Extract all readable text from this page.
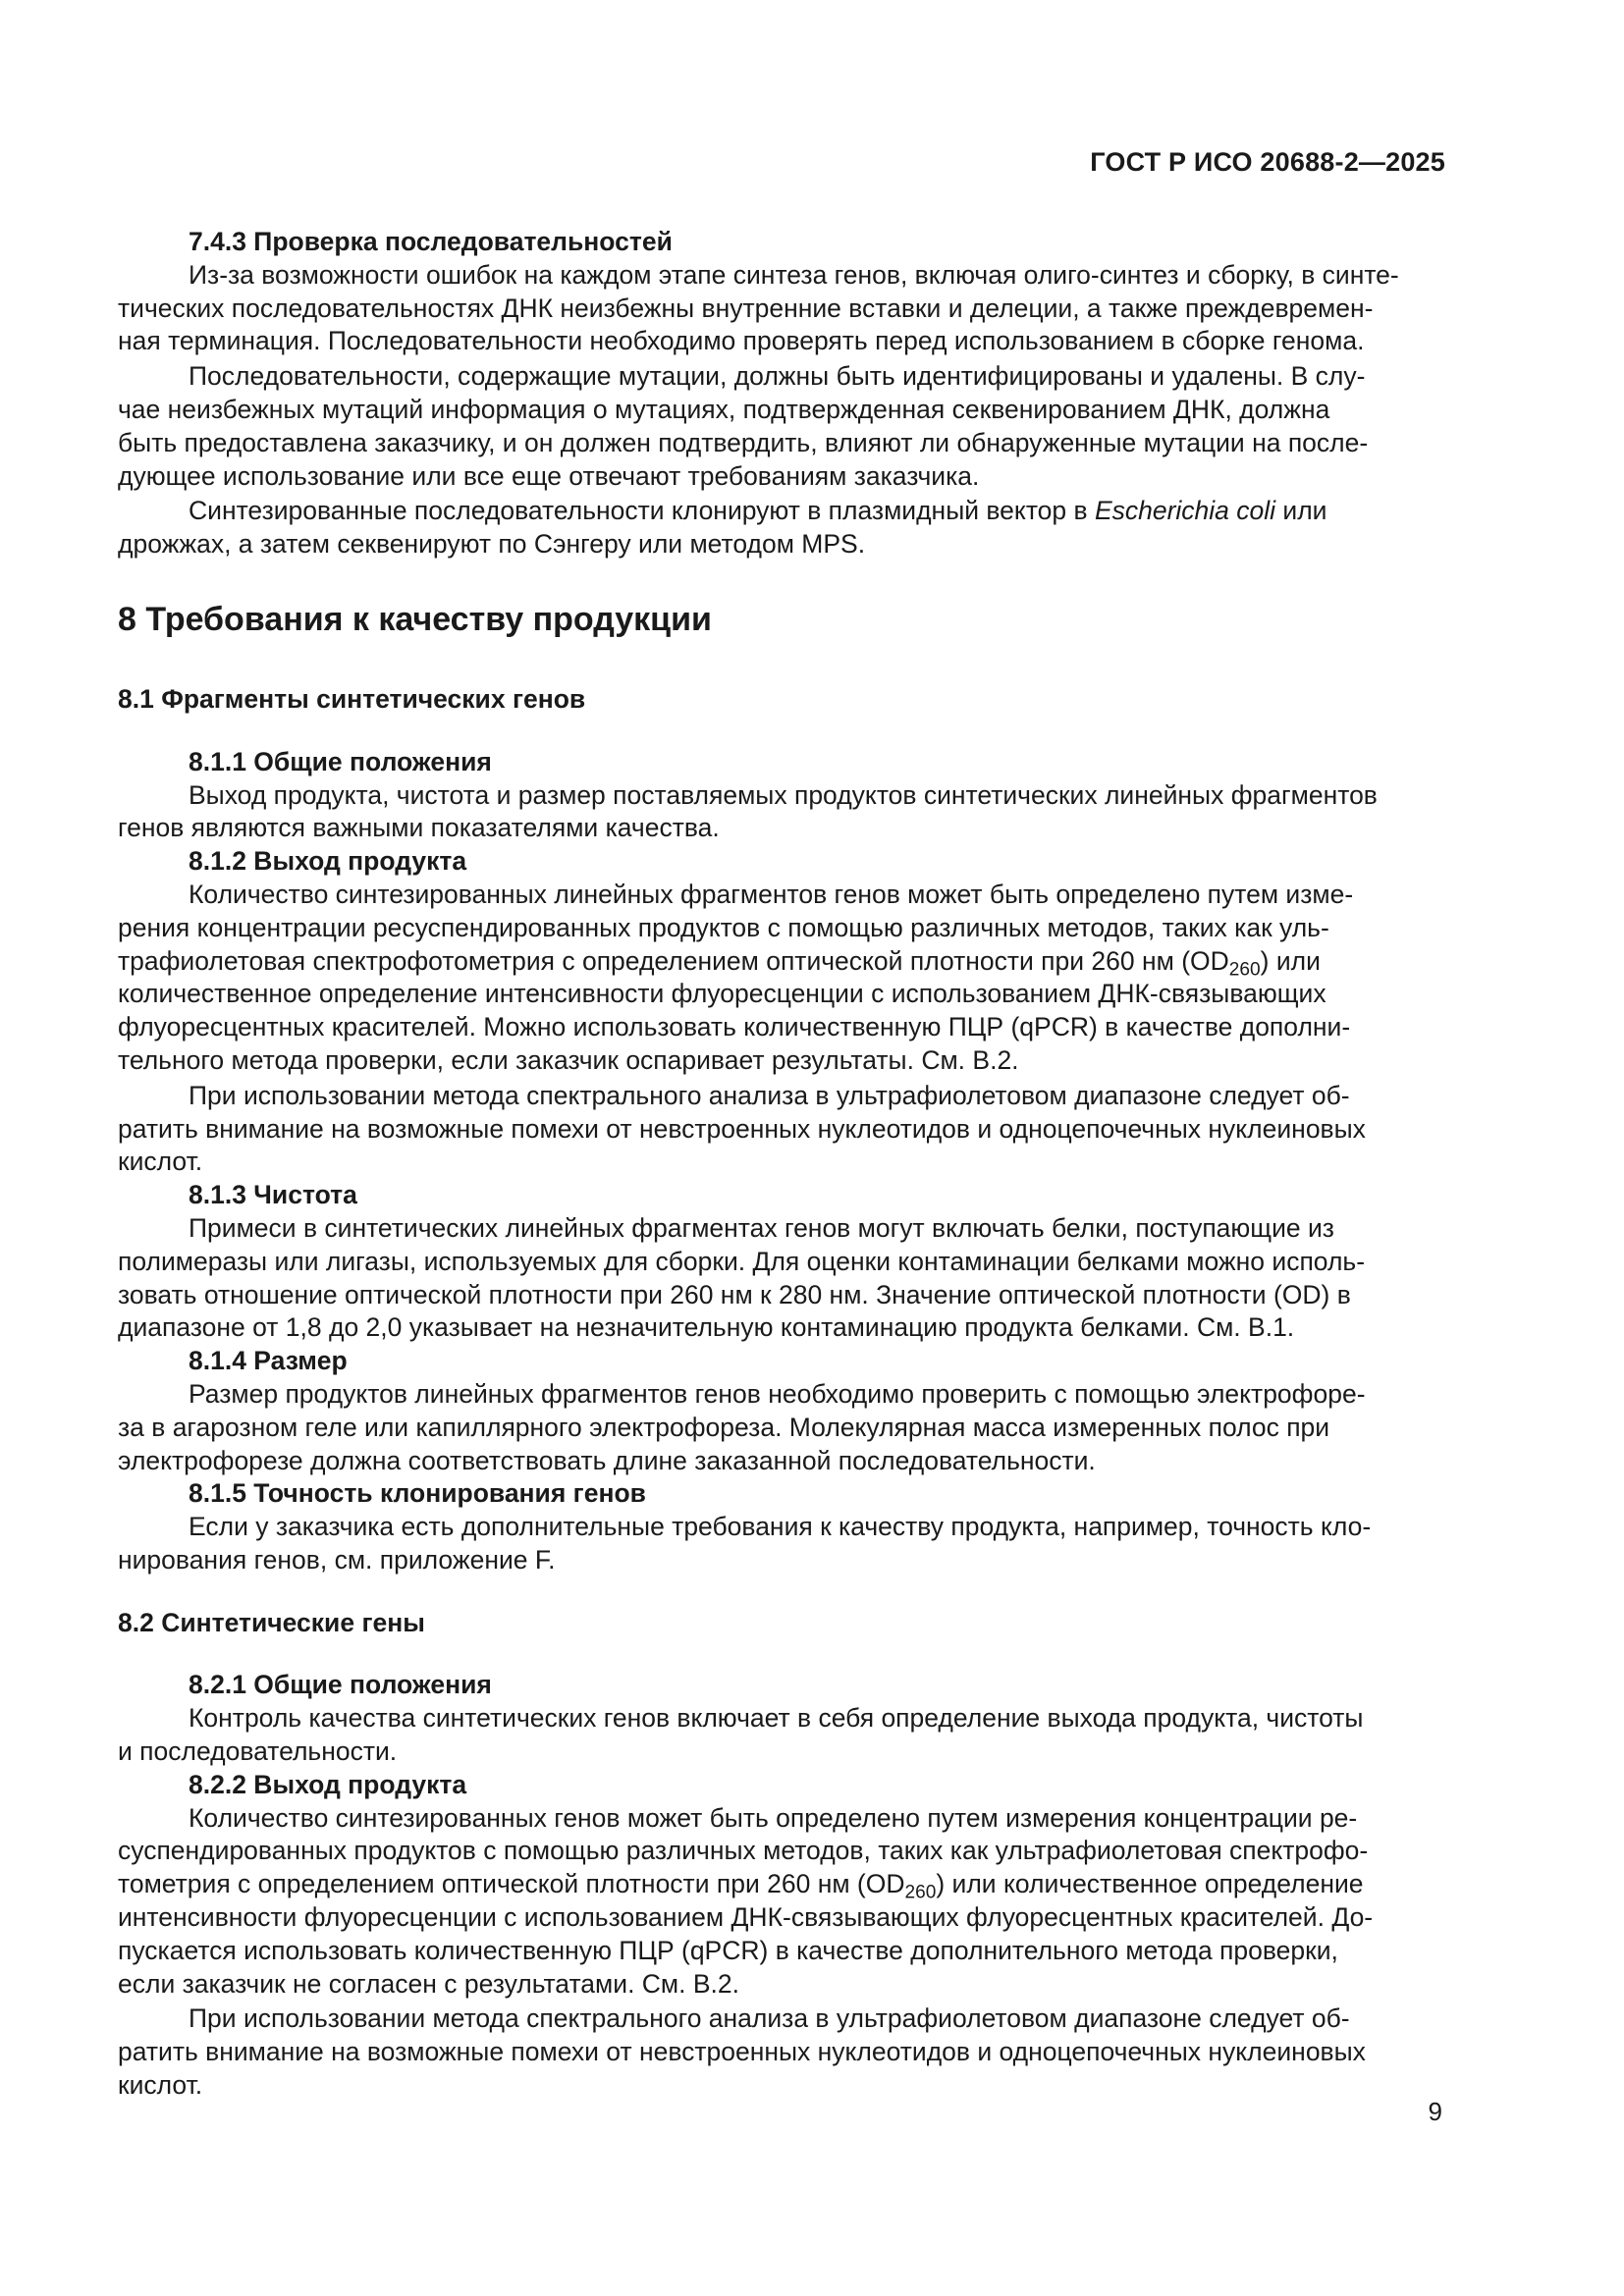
ГОСТ Р ИСО 20688-2—2025
7.4.3 Проверка последовательностей

Из-за возможности ошибок на каждом этапе синтеза генов, включая олиго-синтез и сборку, в синте-
тических последовательностях ДНК неизбежны внутренние вставки и делеции, а также преждевремен-
ная терминация. Последовательности необходимо проверять перед использованием в сборке генома.

Последовательности, содержащие мутации, должны быть идентифицированы и удалены. В слу-
чае неизбежных мутаций информация о мутациях, подтвержденная секвенированием ДНК, должна
быть предоставлена заказчику, и он должен подтвердить, влияют ли обнаруженные мутации на после-
дующее использование или все еще отвечают требованиям заказчика.

Синтезированные последовательности клонируют в плазмидный вектор в Escherichia coli или
дрожжах, а затем секвенируют по Сэнгеру или методом MPS.

8 Требования к качеству продукции
8.1 Фрагменты синтетических генов
8.1.1 Общие положения

Выход продукта, чистота и размер поставляемых продуктов синтетических линейных фрагментов
генов являются важными показателями качества.

8.1.2 Выход продукта

Количество синтезированных линейных фрагментов генов может быть определено путем изме-
рения концентрации ресуспендированных продуктов с помощью различных методов, таких как уль-
трафиолетовая спектрофотометрия с определением оптической плотности при 260 нм $(OD_{260})$ или
количественное определение интенсивности флуоресценции с использованием ДНК-связывающих
флуоресцентных красителей. Можно использовать количественную ПЦР (qPCR) в качестве дополни-
тельного метода проверки, если заказчик оспаривает результаты. См. В.2.

При использовании метода спектрального анализа в ультрафиолетовом диапазоне следует об-
ратить внимание на возможные помехи от невстроенных нуклеотидов и одноцепочечных нуклеиновых
кислот.

8.1.3 Чистота

Примеси в синтетических линейных фрагментах генов могут включать белки, поступающие из
полимеразы или лигазы, используемых для сборки. Для оценки контаминации белками можно исполь-
зовать отношение оптической плотности при 260 нм к 280 нм. Значение оптической плотности (OD) в
диапазоне от 1,8 до 2,0 указывает на незначительную контаминацию продукта белками. См. В.1.

8.1.4 Размер

Размер продуктов линейных фрагментов генов необходимо проверить с помощью электрофоре-
за в агарозном геле или капиллярного электрофореза. Молекулярная масса измеренных полос при
электрофорезе должна соответствовать длине заказанной последовательности.

8.1.5 Точность клонирования генов

Если у заказчика есть дополнительные требования к качеству продукта, например, точность кло-
нирования генов, см. приложение F.

8.2 Синтетические гены
8.2.1 Общие положения

Контроль качества синтетических генов включает в себя определение выхода продукта, чистоты
и последовательности.

8.2.2 Выход продукта

Количество синтезированных генов может быть определено путем измерения концентрации ре-
суспендированных продуктов с помощью различных методов, таких как ультрафиолетовая спектрофо-
тометрия с определением оптической плотности при 260 нм $(OD_{260})$ или количественное определение
интенсивности флуоресценции с использованием ДНК-связывающих флуоресцентных красителей. До-
пускается использовать количественную ПЦР (qPCR) в качестве дополнительного метода проверки,
если заказчик не согласен с результатами. См. В.2.

При использовании метода спектрального анализа в ультрафиолетовом диапазоне следует об-
ратить внимание на возможные помехи от невстроенных нуклеотидов и одноцепочечных нуклеиновых
кислот.

9
